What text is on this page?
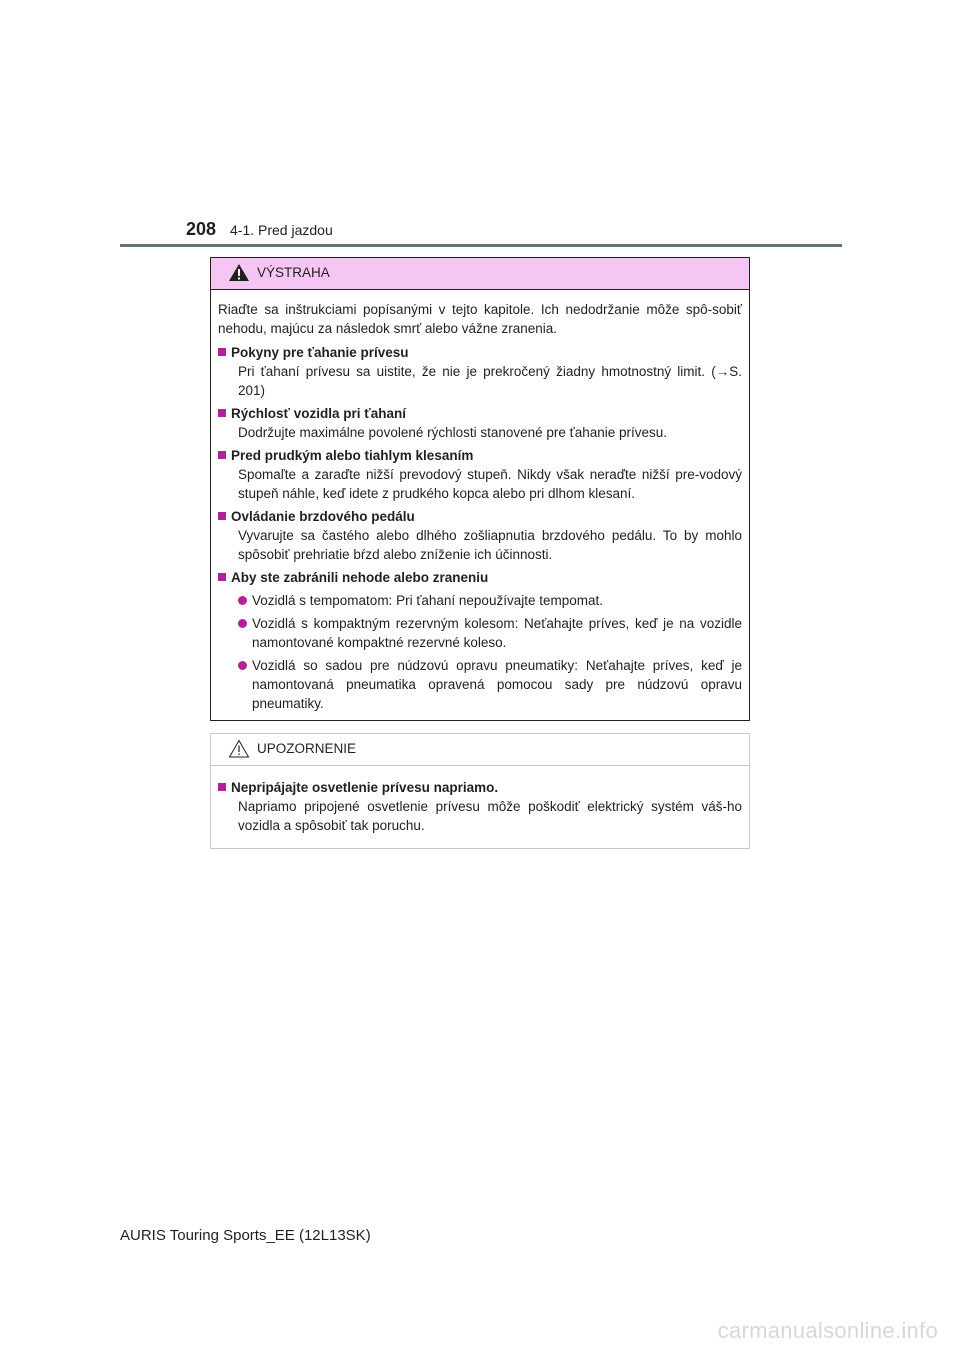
208 4-1. Pred jazdou
VÝSTRAHA

Riaďte sa inštrukciami popísanými v tejto kapitole. Ich nedodržanie môže spô-sobiť nehodu, majúcu za následok smrť alebo vážne zranenia.

Pokyny pre ťahanie prívesu
Pri ťahaní prívesu sa uistite, že nie je prekročený žiadny hmotnostný limit. (→S. 201)
Rýchlosť vozidla pri ťahaní
Dodržujte maximálne povolené rýchlosti stanovené pre ťahanie prívesu.
Pred prudkým alebo tiahlym klesaním
Spomaľte a zaraďte nižší prevodový stupeň. Nikdy však neraďte nižší pre-vodový stupeň náhle, keď idete z prudkého kopca alebo pri dlhom klesaní.
Ovládanie brzdového pedálu
Vyvarujte sa častého alebo dlhého zošliapnutia brzdového pedálu. To by mohlo spôsobiť prehriatie bŕzd alebo zníženie ich účinnosti.
Aby ste zabránili nehode alebo zraneniu
Vozidlá s tempomatom: Pri ťahaní nepoužívajte tempomat.
Vozidlá s kompaktným rezervným kolesom: Neťahajte príves, keď je na vozidle namontované kompaktné rezervné koleso.
Vozidlá so sadou pre núdzovú opravu pneumatiky: Neťahajte príves, keď je namontovaná pneumatika opravená pomocou sady pre núdzovú opravu pneumatiky.
UPOZORNENIE
Nepripájajte osvetlenie prívesu napriamo.
Napriamo pripojené osvetlenie prívesu môže poškodiť elektrický systém váš-ho vozidla a spôsobiť tak poruchu.
AURIS Touring Sports_EE (12L13SK)
carmanualsonline.info
